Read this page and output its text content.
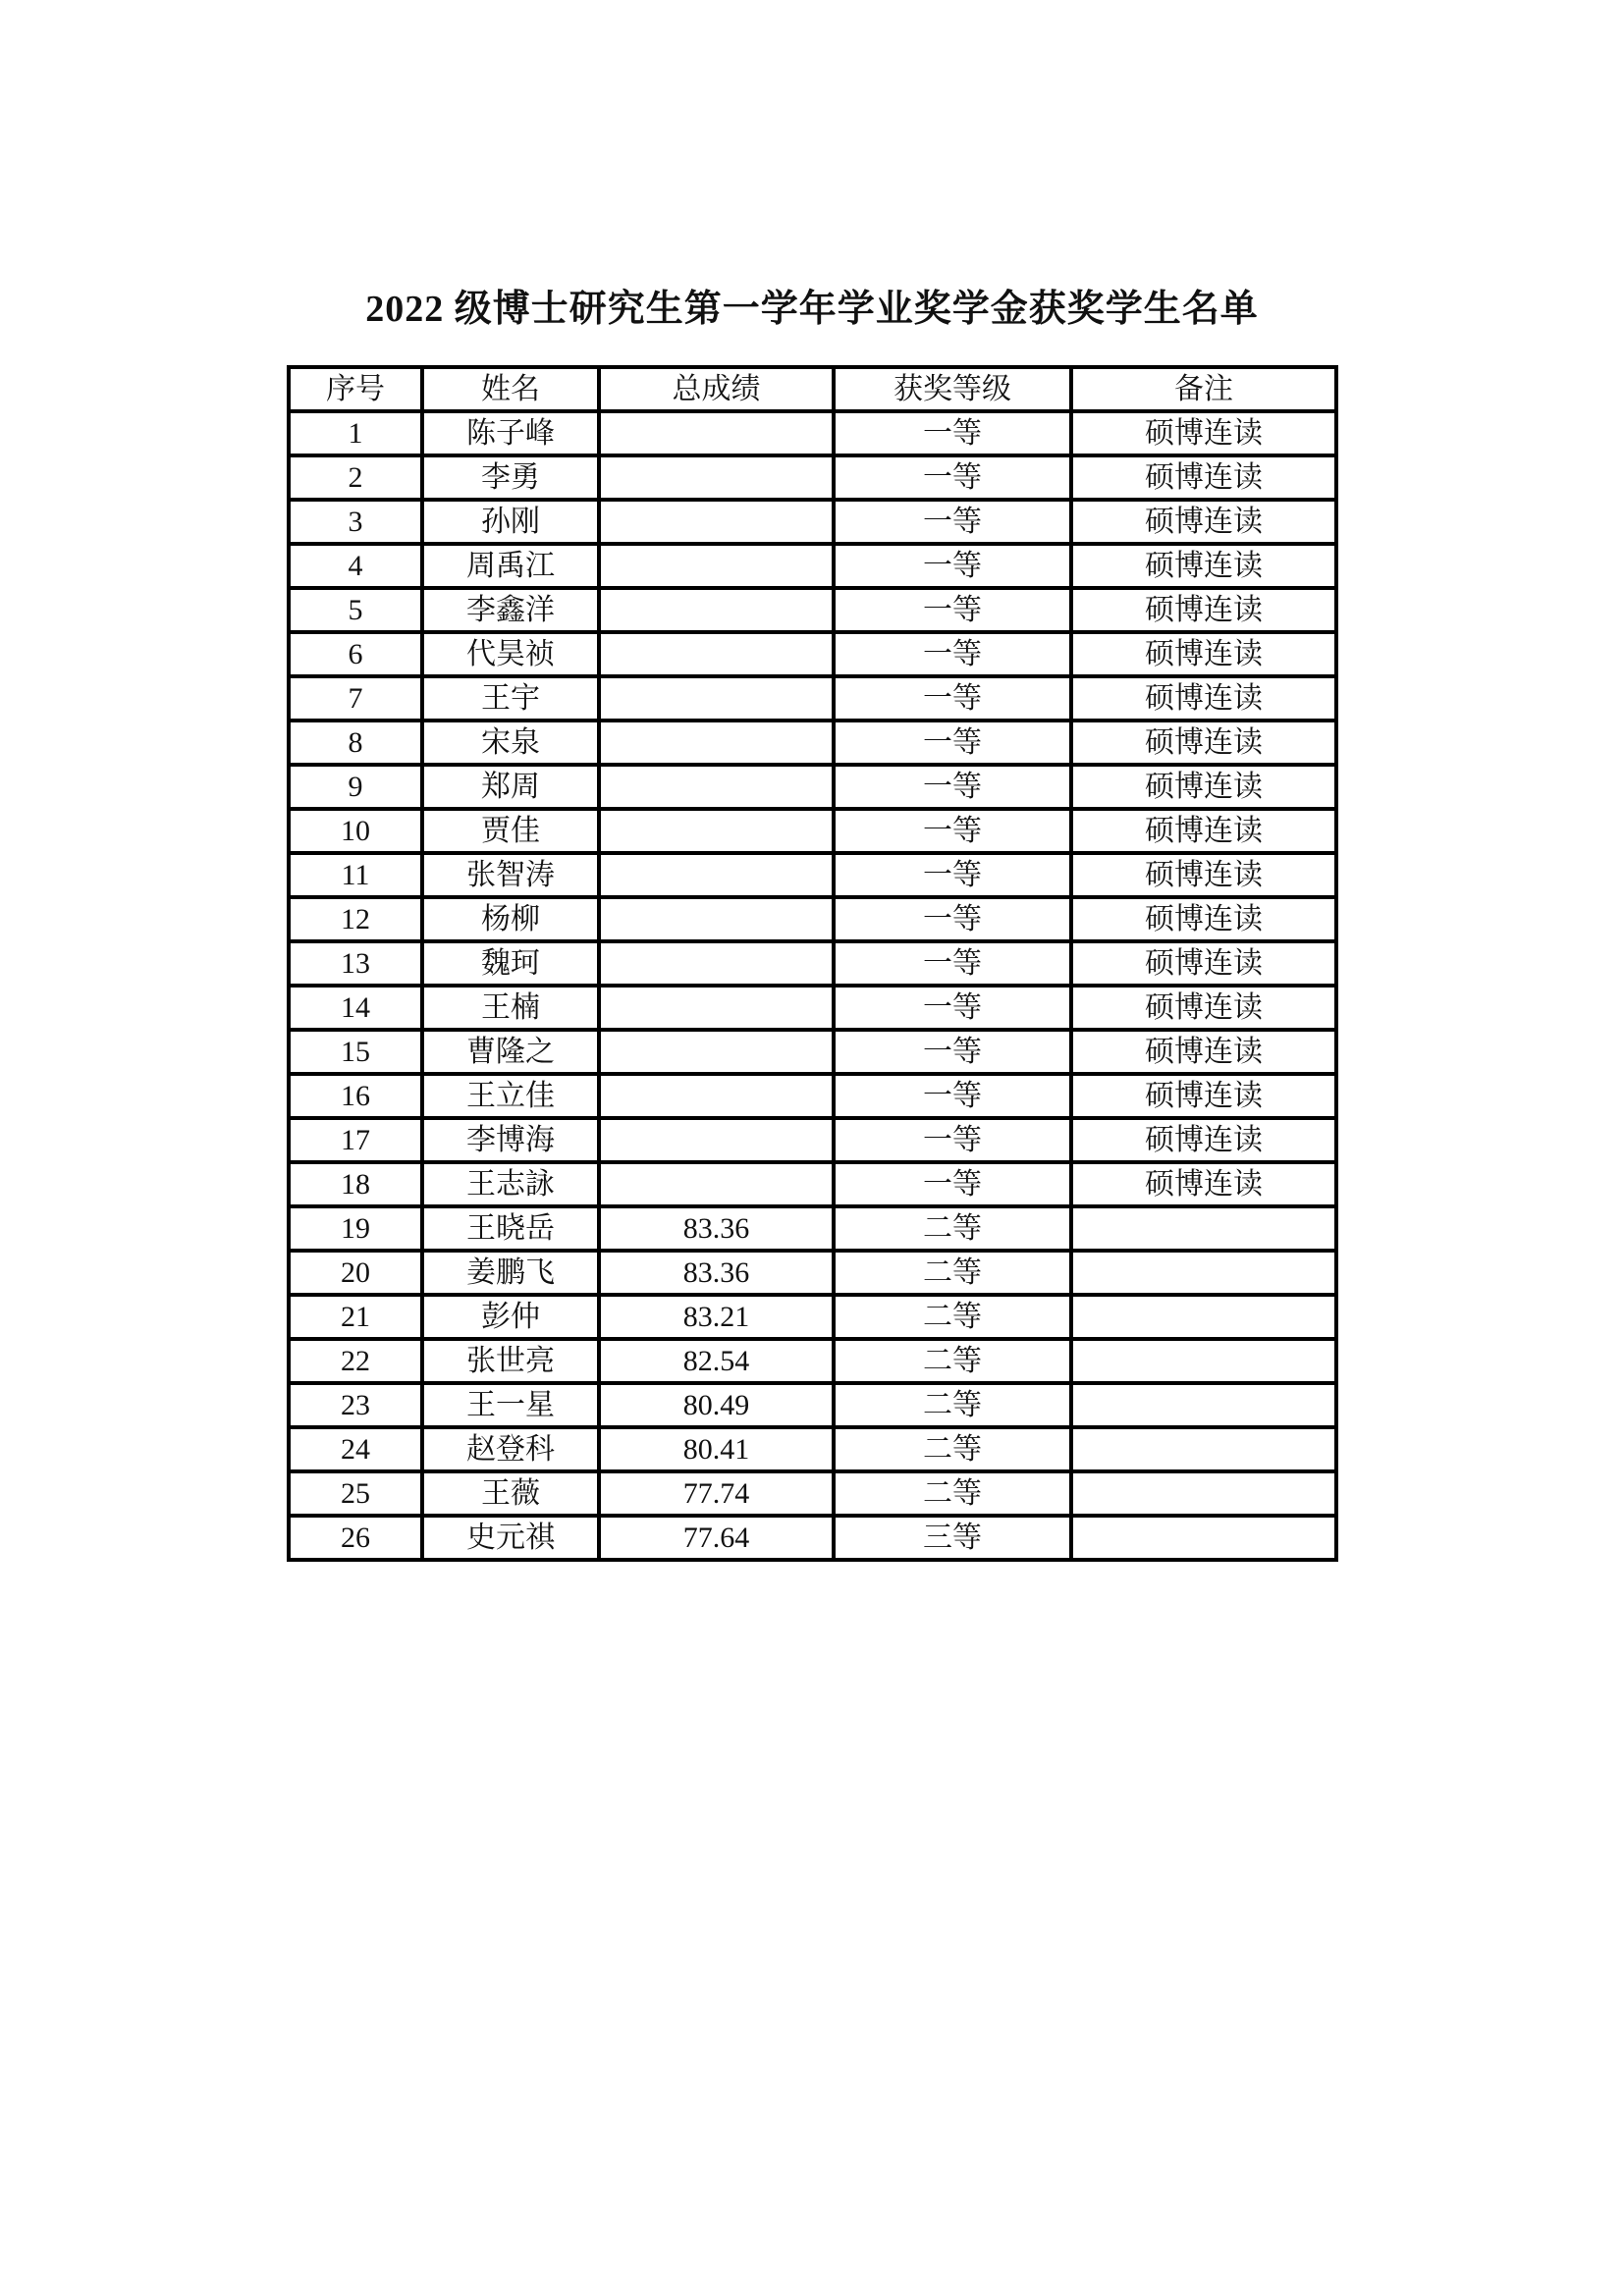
2022 级博士研究生第一学年学业奖学金获奖学生名单
序号	姓名	总成绩	获奖等级	备注
1	陈子峰		一等	硕博连读
2	李勇		一等	硕博连读
3	孙刚		一等	硕博连读
4	周禹江		一等	硕博连读
5	李鑫洋		一等	硕博连读
6	代昊祯		一等	硕博连读
7	王宇		一等	硕博连读
8	宋泉		一等	硕博连读
9	郑周		一等	硕博连读
10	贾佳		一等	硕博连读
11	张智涛		一等	硕博连读
12	杨柳		一等	硕博连读
13	魏珂		一等	硕博连读
14	王楠		一等	硕博连读
15	曹隆之		一等	硕博连读
16	王立佳		一等	硕博连读
17	李博海		一等	硕博连读
18	王志詠		一等	硕博连读
19	王晓岳	83.36	二等	
20	姜鹏飞	83.36	二等	
21	彭仲	83.21	二等	
22	张世亮	82.54	二等	
23	王一星	80.49	二等	
24	赵登科	80.41	二等	
25	王薇	77.74	二等	
26	史元祺	77.64	三等	
